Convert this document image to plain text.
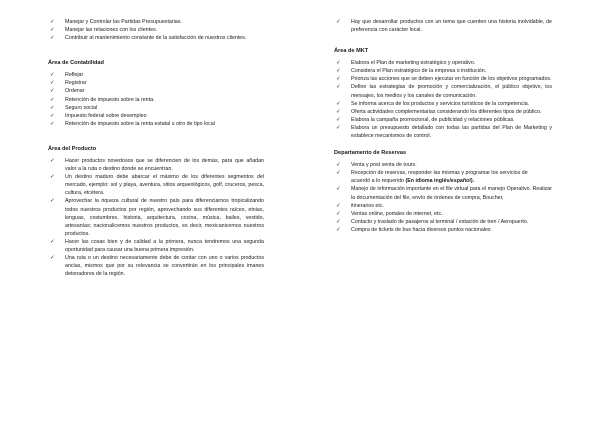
✓ Manejar y Controlar las Partidas Presupuestarias.
✓ Manejar las relaciones con los clientes.
✓ Contribuir al mantenimiento constante de la satisfacción de nuestros clientes.

Área de Contabilidad

✓ Reflejar
✓ Registrar
✓ Ordenar
✓ Retención de impuesto sobre la renta.
✓ Seguro social
✓ Impuesto federal sobre desempleo
✓ Retención de impuesto sobre la renta estatal u otro de tipo local

Área del Producto

✓ Hacer productos novedosos que se diferencien de los demás, para que añadan valor a la ruta o destino donde se encuentran.
✓ Un destino maduro debe abarcar el máximo de los diferentes segmentos del mercado, ejemplo: sol y playa, aventura, sitios arqueológicos, golf, cruceros, pesca, cultura, etcétera.
✓ Aprovechar la riqueza cultural de nuestro país para diferenciarnos tropicalizando todos nuestros productos por región, aprovechando sus diferentes raíces, etnias, lenguas, costumbres, historia, arquitectura, cocina, música, bailes, vestido, artesanías; nacionalicemos nuestros productos, es decir, mexicanicemos nuestros productos.
✓ Hacer las cosas bien y de calidad a la primera, nunca tendremos una segunda oportunidad para causar una buena primera impresión.
✓ Una ruta o un destino necesariamente debe de contar con uno o varios productos anclas, mismos que por su relevancia se convertirán en los principales imanes detonadores de la región.
✓ Hay que desarrollar productos con un tema que cuenten una historia inolvidable, de preferencia con carácter local.

Área de MKT

✓ Elabora el Plan de marketing estratégico y operativo.
✓ Considera el Plan estratégico de la empresa o institución.
✓ Prioriza las acciones que se deben ejecutar en función de los objetivos programados.
✓ Define las estrategias de promoción y comercialización, el público objetivo, los mensajes, los medios y los canales de comunicación.
✓ Se informa acerca de los productos y servicios turísticos de la competencia.
✓ Oferta actividades complementarias considerando los diferentes tipos de público.
✓ Elabora la campaña promocional, de publicidad y relaciones públicas.
✓ Elabora un presupuesto detallado con todas las partidas del Plan de Marketing y establece mecanismos de control.

Departamento de Reservas

✓ Venta y post venta de tours.
✓ Recepción de reservas, responder las mismas y programar los servicios de
acuerdó a lo requerido (En idioma inglés/español).
✓ Manejo de información importante en el file virtual para el manejo Operativo. Realizar la documentación del file, envío de órdenes de compra, Boucher,
✓ itinerarios etc.
✓ Ventas online, portales de internet, etc.
✓ Contacto y traslado de pasajeros al terminal / estación de tren / Aeropuerto.
✓ Compra de tickets de bus hacia diversos puntos nacionales
